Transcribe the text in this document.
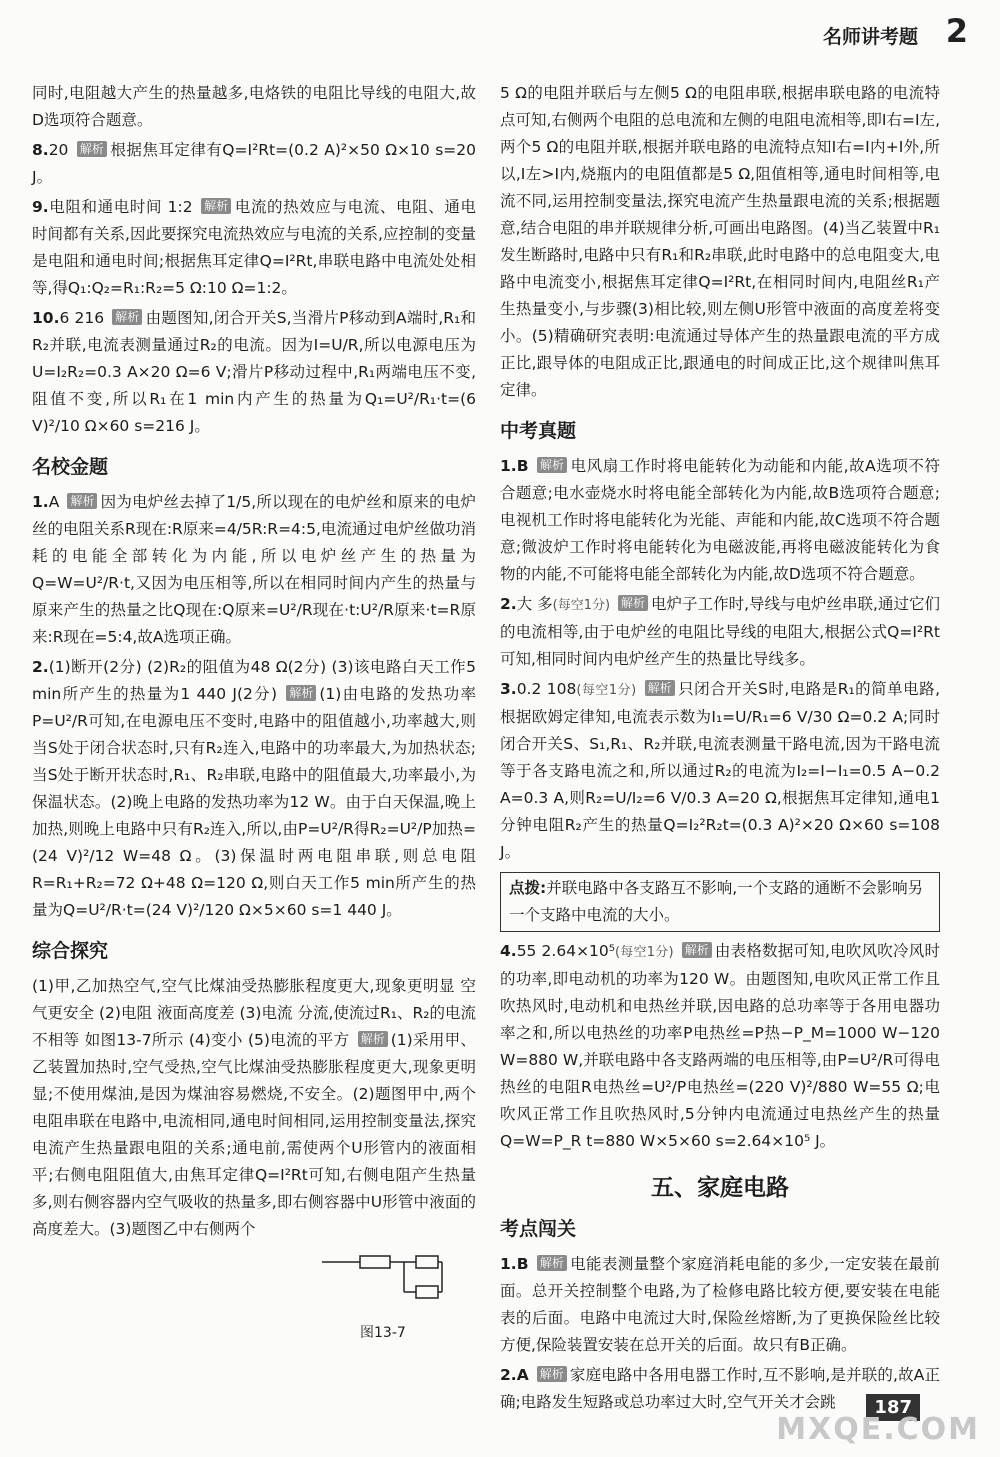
名师讲考题 2

同时,电阻越大产生的热量越多,电烙铁的电阻比导线的电阻大,故D选项符合题意。

8.20 解析 根据焦耳定律有Q=I²Rt=(0.2 A)²×50 Ω×10 s=20 J。

9.电阻和通电时间 1:2 解析 电流的热效应与电流、电阻、通电时间都有关系,因此要探究电流热效应与电流的关系,应控制的变量是电阻和通电时间;根据焦耳定律Q=I²Rt,串联电路中电流处处相等,得Q₁:Q₂=R₁:R₂=5 Ω:10 Ω=1:2。

10.6 216 解析 由题图知,闭合开关S,当滑片P移动到A端时,R₁和R₂并联,电流表测量通过R₂的电流。因为I=U/R,所以电源电压为U=I₂R₂=0.3 A×20 Ω=6 V;滑片P移动过程中,R₁两端电压不变,阻值不变,所以R₁在1 min内产生的热量为Q₁=U²/R₁·t=(6 V)²/10 Ω×60 s=216 J。

名校金题

1.A 解析 因为电炉丝去掉了1/5,所以现在的电炉丝和原来的电炉丝的电阻关系R现在:R原来=4/5R:R=4:5,电流通过电炉丝做功消耗的电能全部转化为内能,所以电炉丝产生的热量为Q=W=U²/R·t,又因为电压相等,所以在相同时间内产生的热量与原来产生的热量之比Q现在:Q原来=U²/R现在·t:U²/R原来·t=R原来:R现在=5:4,故A选项正确。

2.(1)断开(2分) (2)R₂的阻值为48 Ω(2分) (3)该电路白天工作5 min所产生的热量为1 440 J(2分) 解析 (1)由电路的发热功率P=U²/R可知,在电源电压不变时,电路中的阻值越小,功率越大,则当S处于闭合状态时,只有R₂连入,电路中的功率最大,为加热状态;当S处于断开状态时,R₁、R₂串联,电路中的阻值最大,功率最小,为保温状态。(2)晚上电路的发热功率为12 W。由于白天保温,晚上加热,则晚上电路中只有R₂连入,所以,由P=U²/R得R₂=U²/P加热=(24 V)²/12 W=48 Ω。(3)保温时两电阻串联,则总电阻R=R₁+R₂=72 Ω+48 Ω=120 Ω,则白天工作5 min所产生的热量为Q=U²/R·t=(24 V)²/120 Ω×5×60 s=1 440 J。

综合探究

(1)甲,乙加热空气,空气比煤油受热膨胀程度更大,现象更明显 空气更安全 (2)电阻 液面高度差 (3)电流 分流,使流过R₁、R₂的电流不相等 如图13-7所示 (4)变小 (5)电流的平方 解析 (1)采用甲、乙装置加热时,空气受热,空气比煤油受热膨胀程度更大,现象更明显;不使用煤油,是因为煤油容易燃烧,不安全。(2)题图甲中,两个电阻串联在电路中,电流相同,通电时间相同,运用控制变量法,探究电流产生热量跟电阻的关系;通电前,需使两个U形管内的液面相平;右侧电阻阻值大,由焦耳定律Q=I²Rt可知,右侧电阻产生热量多,则右侧容器内空气吸收的热量多,即右侧容器中U形管中液面的高度差大。(3)题图乙中右侧两个

图13-7

5 Ω的电阻并联后与左侧5 Ω的电阻串联,根据串联电路的电流特点可知,右侧两个电阻的总电流和左侧的电阻电流相等,即I右=I左,两个5 Ω的电阻并联,根据并联电路的电流特点知I右=I内+I外,所以,I左>I内,烧瓶内的电阻值都是5 Ω,阻值相等,通电时间相等,电流不同,运用控制变量法,探究电流产生热量跟电流的关系;根据题意,结合电阻的串并联规律分析,可画出电路图。(4)当乙装置中R₁发生断路时,电路中只有R₁和R₂串联,此时电路中的总电阻变大,电路中电流变小,根据焦耳定律Q=I²Rt,在相同时间内,电阻丝R₁产生热量变小,与步骤(3)相比较,则左侧U形管中液面的高度差将变小。(5)精确研究表明:电流通过导体产生的热量跟电流的平方成正比,跟导体的电阻成正比,跟通电的时间成正比,这个规律叫焦耳定律。

中考真题

1.B 解析 电风扇工作时将电能转化为动能和内能,故A选项不符合题意;电水壶烧水时将电能全部转化为内能,故B选项符合题意;电视机工作时将电能转化为光能、声能和内能,故C选项不符合题意;微波炉工作时将电能转化为电磁波能,再将电磁波能转化为食物的内能,不可能将电能全部转化为内能,故D选项不符合题意。

2.大 多(每空1分) 解析 电炉子工作时,导线与电炉丝串联,通过它们的电流相等,由于电炉丝的电阻比导线的电阻大,根据公式Q=I²Rt可知,相同时间内电炉丝产生的热量比导线多。

3.0.2 108(每空1分) 解析 只闭合开关S时,电路是R₁的简单电路,根据欧姆定律知,电流表示数为I₁=U/R₁=6 V/30 Ω=0.2 A;同时闭合开关S、S₁,R₁、R₂并联,电流表测量干路电流,因为干路电流等于各支路电流之和,所以通过R₂的电流为I₂=I−I₁=0.5 A−0.2 A=0.3 A,则R₂=U/I₂=6 V/0.3 A=20 Ω,根据焦耳定律知,通电1分钟电阻R₂产生的热量Q=I₂²R₂t=(0.3 A)²×20 Ω×60 s=108 J。

点拨:并联电路中各支路互不影响,一个支路的通断不会影响另一个支路中电流的大小。

4.55 2.64×10⁵(每空1分) 解析 由表格数据可知,电吹风吹冷风时的功率,即电动机的功率为120 W。由题图知,电吹风正常工作且吹热风时,电动机和电热丝并联,因电路的总功率等于各用电器功率之和,所以电热丝的功率P电热丝=P热−P_M=1000 W−120 W=880 W,并联电路中各支路两端的电压相等,由P=U²/R可得电热丝的电阻R电热丝=U²/P电热丝=(220 V)²/880 W=55 Ω;电吹风正常工作且吹热风时,5分钟内电流通过电热丝产生的热量Q=W=P_R t=880 W×5×60 s=2.64×10⁵ J。

五、家庭电路
考点闯关

1.B 解析 电能表测量整个家庭消耗电能的多少,一定安装在最前面。总开关控制整个电路,为了检修电路比较方便,要安装在电能表的后面。电路中电流过大时,保险丝熔断,为了更换保险丝比较方便,保险装置安装在总开关的后面。故只有B正确。

2.A 解析 家庭电路中各用电器工作时,互不影响,是并联的,故A正确;电路发生短路或总功率过大时,空气开关才会跳	187
MXQE.COM
